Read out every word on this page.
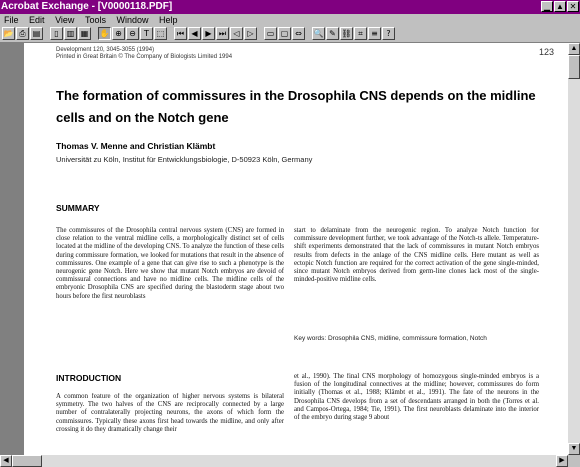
Acrobat Exchange - [V0000118.PDF]	▁ ▲ ✕
File Edit View Tools Window Help
📂 ⎙ ▤	▯	▥ ▦	✋ ⊕ ⊖	T ⬚	⏮ ◀ ▶ ⏭ ◁ ▷	▭ ▢ ⇔	🔍 ✎ ⛓ ⌗	≡	?
Development 120, 3045-3055 (1994)
Printed in Great Britain © The Company of Biologists Limited 1994	123
The formation of commissures in the Drosophila CNS depends on the midline
cells and on the Notch gene
Thomas V. Menne and Christian Klämbt
Universität zu Köln, Institut für Entwicklungsbiologie, D-50923 Köln, Germany
SUMMARY
The commissures of the Drosophila central nervous system (CNS) are formed in close relation to the ventral midline cells, a morphologically distinct set of cells located at the midline of the developing CNS. To analyze the function of these cells during commissure formation, we looked for mutations that result in the absence of commissures. One example of a gene that can give rise to such a phenotype is the neurogenic gene Notch. Here we show that mutant Notch embryos are devoid of commissural connections and have no midline cells. The midline cells of the embryonic Drosophila CNS are specified during the blastoderm stage about two hours before the first neuroblasts
start to delaminate from the neurogenic region. To analyze Notch function for commissure development further, we took advantage of the Notch-ts allele. Temperature-shift experiments demonstrated that the lack of commissures in mutant Notch embryos results from defects in the anlage of the CNS midline cells. Here mutant as well as ectopic Notch function are required for the correct activation of the gene single-minded, since mutant Notch embryos derived from germ-line clones lack most of the single-minded-positive midline cells.
Key words: Drosophila CNS, midline, commissure formation, Notch
INTRODUCTION
A common feature of the organization of higher nervous systems is bilateral symmetry. The two halves of the CNS are reciprocally connected by a large number of contralaterally projecting neurons, the axons of which form the commissures. Typically these axons first head towards the midline, and only after crossing it do they dramatically change their
et al., 1990). The final CNS morphology of homozygous single-minded embryos is a fusion of the longitudinal connectives at the midline; however, commissures do form initially (Thomas et al., 1988; Klämbt et al., 1991). The fate of the neurons in the Drosophila CNS develops from a set of descendants arranged in both the (Torres et al. and Campos-Ortega, 1984; Tie, 1991). The first neuroblasts delaminate into the interior of the embryo during stage 9 about
▲
▼
◀	▶
